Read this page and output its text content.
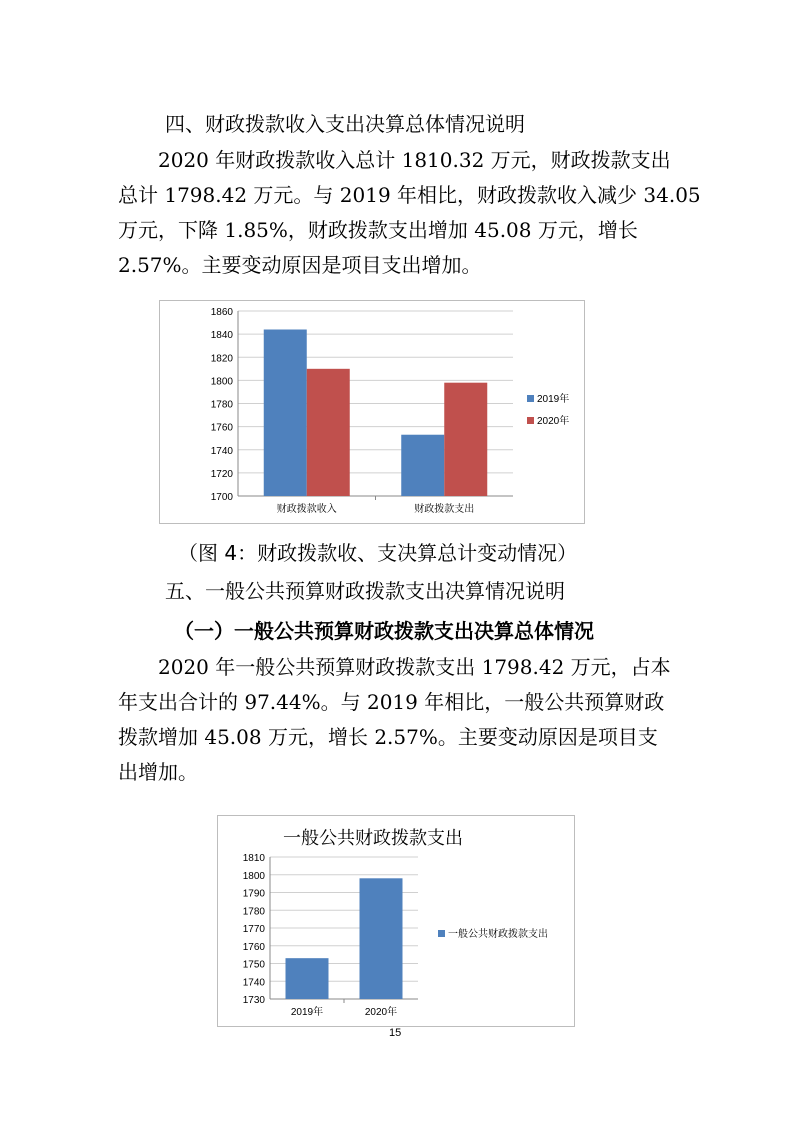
四、财政拨款收入支出决算总体情况说明
2020 年财政拨款收入总计 1810.32 万元，财政拨款支出
总计 1798.42 万元。与 2019 年相比，财政拨款收入减少 34.05
万元，下降 1.85%，财政拨款支出增加 45.08 万元，增长
2.57%。主要变动原因是项目支出增加。
1700
1720
1740
1760
1780
1800
1820
1840
1860
财政拨款收入	财政拨款支出
2019年
2020年
（图 4：财政拨款收、支决算总计变动情况）
五、一般公共预算财政拨款支出决算情况说明
（一）一般公共预算财政拨款支出决算总体情况
2020 年一般公共预算财政拨款支出 1798.42 万元，占本
年支出合计的 97.44%。与 2019 年相比，一般公共预算财政
拨款增加 45.08 万元，增长 2.57%。主要变动原因是项目支
出增加。
一般公共财政拨款支出
1730
1740
1750
1760
1770
1780
1790
1800
1810
2019年	2020年
一般公共财政拨款支出
15
